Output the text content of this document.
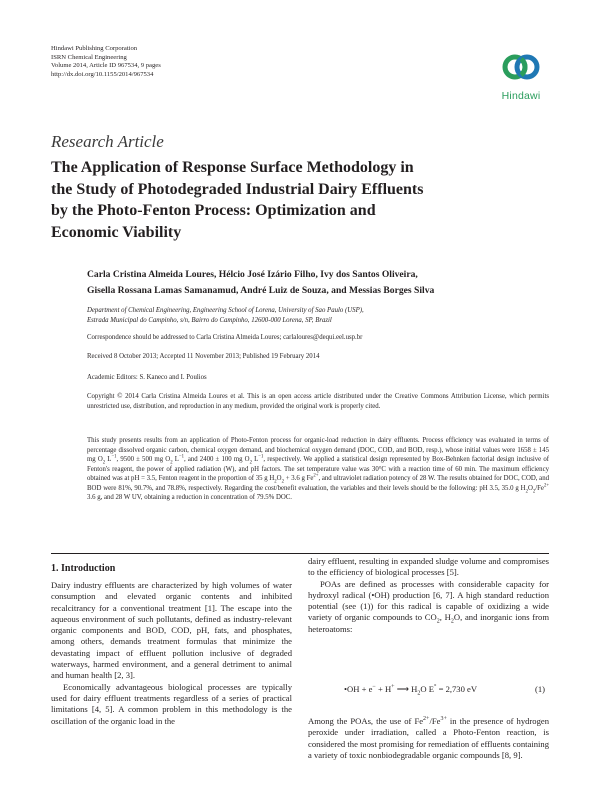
Hindawi Publishing Corporation
ISRN Chemical Engineering
Volume 2014, Article ID 967534, 9 pages
http://dx.doi.org/10.1155/2014/967534
Hindawi
Research Article
The Application of Response Surface Methodology in
the Study of Photodegraded Industrial Dairy Effluents
by the Photo-Fenton Process: Optimization and
Economic Viability
Carla Cristina Almeida Loures, Hélcio José Izário Filho, Ivy dos Santos Oliveira,
Gisella Rossana Lamas Samanamud, André Luiz de Souza, and Messias Borges Silva
Department of Chemical Engineering, Engineering School of Lorena, University of Sao Paulo (USP),
Estrada Municipal do Campinho, s/n, Bairro do Campinho, 12600-000 Lorena, SP, Brazil
Correspondence should be addressed to Carla Cristina Almeida Loures; carlaloures@dequi.eel.usp.br
Received 8 October 2013; Accepted 11 November 2013; Published 19 February 2014
Academic Editors: S. Kaneco and I. Poulios
Copyright © 2014 Carla Cristina Almeida Loures et al. This is an open access article distributed under the Creative Commons Attribution License, which permits unrestricted use, distribution, and reproduction in any medium, provided the original work is properly cited.
This study presents results from an application of Photo-Fenton process for organic-load reduction in dairy effluents. Process efficiency was evaluated in terms of percentage dissolved organic carbon, chemical oxygen demand, and biochemical oxygen demand (DOC, COD, and BOD, resp.), whose initial values were 1658 ± 145 mg $O_2$ $L^{-1}$, 9500 ± 500 mg $O_2$ $L^{-1}$, and 2400 ± 100 mg $O_2$ $L^{-1}$, respectively. We applied a statistical design represented by Box-Behnken factorial design inclusive of Fenton's reagent, the power of applied radiation (W), and pH factors. The set temperature value was 30°C with a reaction time of 60 min. The maximum efficiency obtained was at pH = 3.5, Fenton reagent in the proportion of 35 g $H_2O_2 + 3.6$ g $Fe^{2+}$, and ultraviolet radiation potency of 28 W. The results obtained for DOC, COD, and BOD were 81%, 90.7%, and 78.8%, respectively. Regarding the cost/benefit evaluation, the variables and their levels should be the following: pH 3.5, 35.0 g $H_2O_2/Fe^{2+}$ 3.6 g, and 28 W UV, obtaining a reduction in concentration of 79.5% DOC.
1. Introduction

Dairy industry effluents are characterized by high volumes of water consumption and elevated organic contents and inhibited recalcitrancy for a conventional treatment [1]. The escape into the aqueous environment of such pollutants, defined as industry-relevant organic components and BOD, COD, pH, fats, and phosphates, among others, demands treatment formulas that minimize the devastating impact of effluent pollution inclusive of degraded waterways, harmed environment, and a general detriment to animal and human health [2, 3].

Economically advantageous biological processes are typically used for dairy effluent treatments regardless of a series of practical limitations [4, 5]. A common problem in this methodology is the oscillation of the organic load in the

dairy effluent, resulting in expanded sludge volume and compromises to the efficiency of biological processes [5].

POAs are defined as processes with considerable capacity for hydroxyl radical (•OH) production [6, 7]. A high standard reduction potential (see (1)) for this radical is capable of oxidizing a wide variety of organic compounds to $CO_2$, $H_2O$, and inorganic ions from heteroatoms:

•OH + e− + H+ ⟶ $H_2O$ E° = 2,730 eV	(1)

Among the POAs, the use of $Fe^{2+}/Fe^{3+}$ in the presence of hydrogen peroxide under irradiation, called a Photo-Fenton reaction, is considered the most promising for remediation of effluents containing a variety of toxic nonbiodegradable organic compounds [8, 9].
